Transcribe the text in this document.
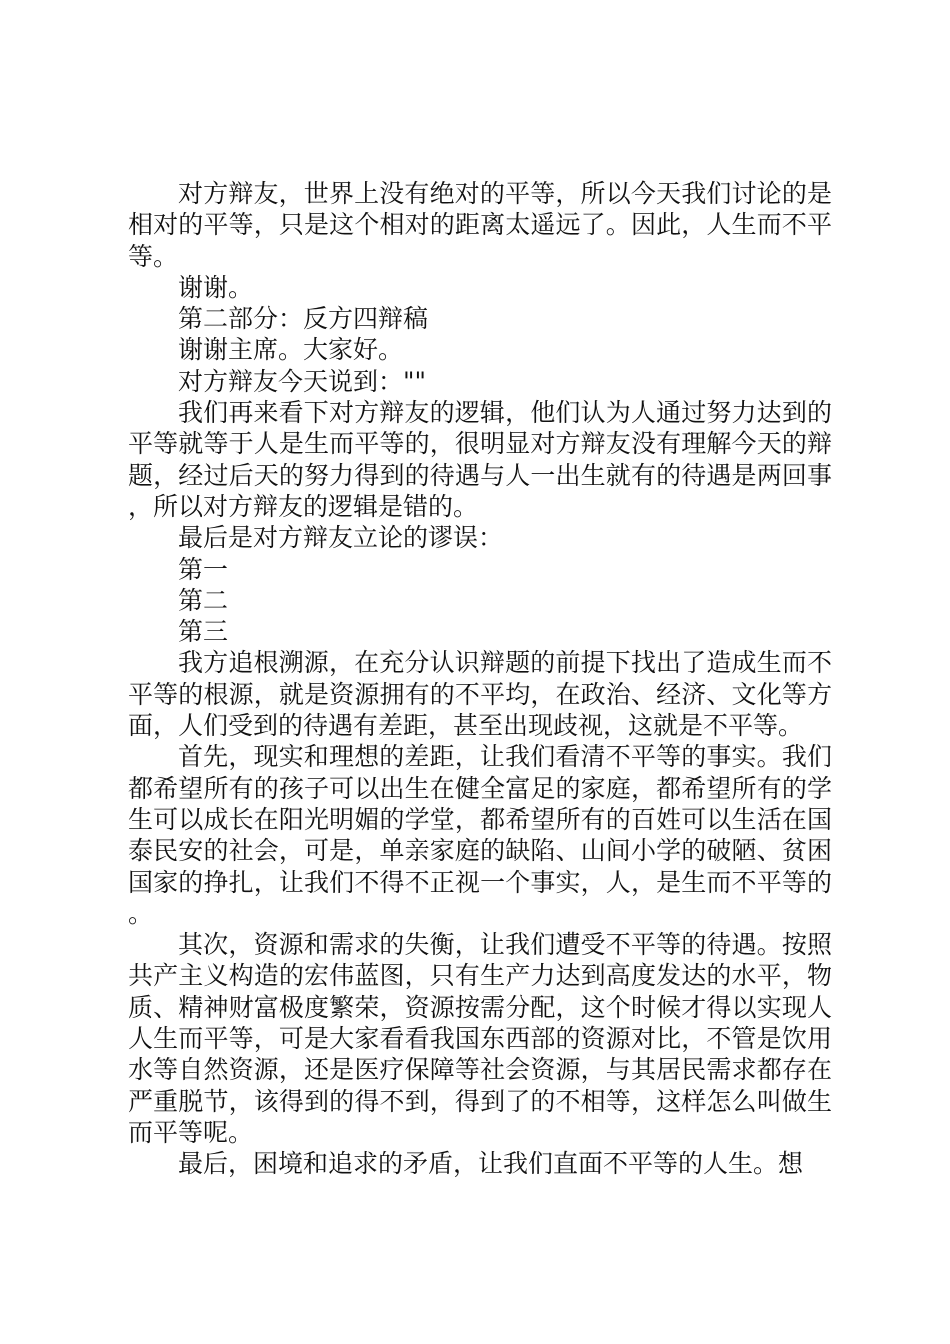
对方辩友，世界上没有绝对的平等，所以今天我们讨论的是相对的平等，只是这个相对的距离太遥远了。因此，人生而不平等。

谢谢。

第二部分：反方四辩稿

谢谢主席。大家好。

对方辩友今天说到：""

我们再来看下对方辩友的逻辑，他们认为人通过努力达到的平等就等于人是生而平等的，很明显对方辩友没有理解今天的辩题，经过后天的努力得到的待遇与人一出生就有的待遇是两回事，所以对方辩友的逻辑是错的。

最后是对方辩友立论的谬误：

第一

第二

第三

我方追根溯源，在充分认识辩题的前提下找出了造成生而不平等的根源，就是资源拥有的不平均，在政治、经济、文化等方面，人们受到的待遇有差距，甚至出现歧视，这就是不平等。

首先，现实和理想的差距，让我们看清不平等的事实。我们都希望所有的孩子可以出生在健全富足的家庭，都希望所有的学生可以成长在阳光明媚的学堂，都希望所有的百姓可以生活在国泰民安的社会，可是，单亲家庭的缺陷、山间小学的破陋、贫困国家的挣扎，让我们不得不正视一个事实，人，是生而不平等的。

其次，资源和需求的失衡，让我们遭受不平等的待遇。按照共产主义构造的宏伟蓝图，只有生产力达到高度发达的水平，物质、精神财富极度繁荣，资源按需分配，这个时候才得以实现人人生而平等，可是大家看看我国东西部的资源对比，不管是饮用水等自然资源，还是医疗保障等社会资源，与其居民需求都存在严重脱节，该得到的得不到，得到了的不相等，这样怎么叫做生而平等呢。

最后，困境和追求的矛盾，让我们直面不平等的人生。想
